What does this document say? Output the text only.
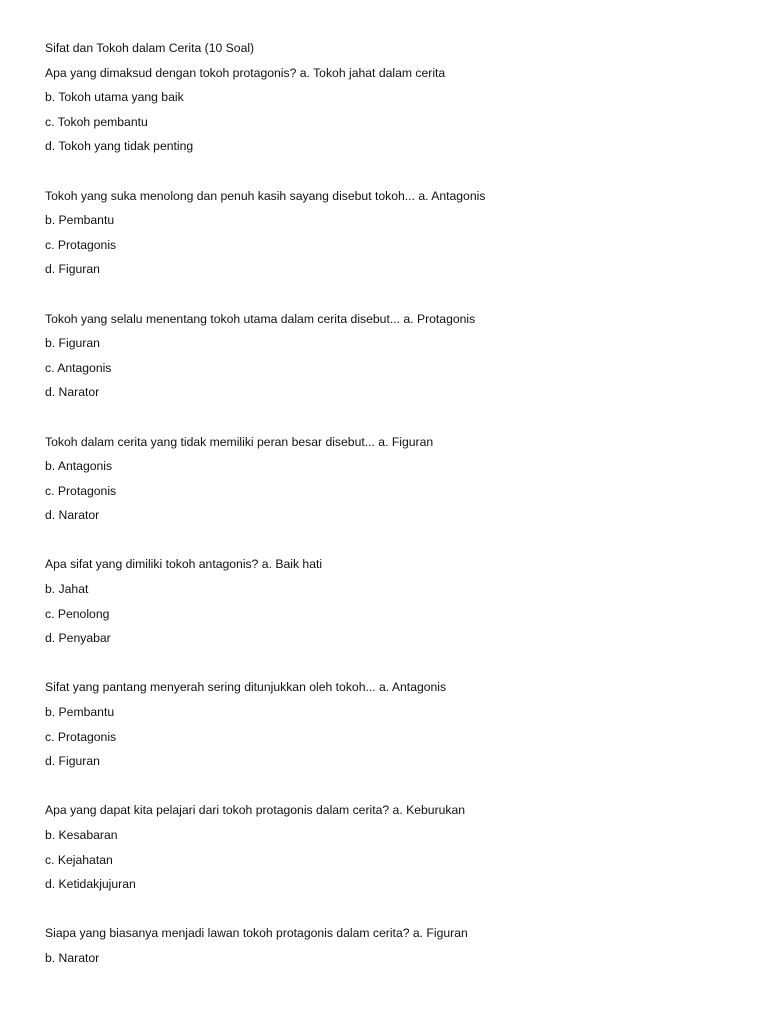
Sifat dan Tokoh dalam Cerita (10 Soal)
Apa yang dimaksud dengan tokoh protagonis? a. Tokoh jahat dalam cerita
b. Tokoh utama yang baik
c. Tokoh pembantu
d. Tokoh yang tidak penting
Tokoh yang suka menolong dan penuh kasih sayang disebut tokoh... a. Antagonis
b. Pembantu
c. Protagonis
d. Figuran
Tokoh yang selalu menentang tokoh utama dalam cerita disebut... a. Protagonis
b. Figuran
c. Antagonis
d. Narator
Tokoh dalam cerita yang tidak memiliki peran besar disebut... a. Figuran
b. Antagonis
c. Protagonis
d. Narator
Apa sifat yang dimiliki tokoh antagonis? a. Baik hati
b. Jahat
c. Penolong
d. Penyabar
Sifat yang pantang menyerah sering ditunjukkan oleh tokoh... a. Antagonis
b. Pembantu
c. Protagonis
d. Figuran
Apa yang dapat kita pelajari dari tokoh protagonis dalam cerita? a. Keburukan
b. Kesabaran
c. Kejahatan
d. Ketidakjujuran
Siapa yang biasanya menjadi lawan tokoh protagonis dalam cerita? a. Figuran
b. Narator
